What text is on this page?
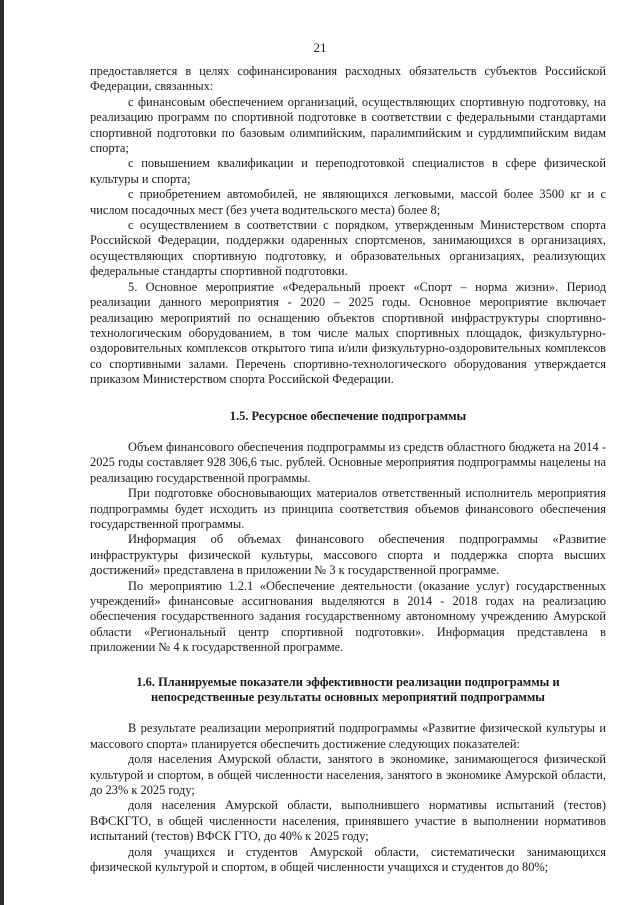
21

предоставляется в целях софинансирования расходных обязательств субъектов Российской Федерации, связанных:

с финансовым обеспечением организаций, осуществляющих спортивную подготовку, на реализацию программ по спортивной подготовке в соответствии с федеральными стандартами спортивной подготовки по базовым олимпийским, паралимпийским и сурдлимпийским видам спорта;

с повышением квалификации и переподготовкой специалистов в сфере физической культуры и спорта;

с приобретением автомобилей, не являющихся легковыми, массой более 3500 кг и с числом посадочных мест (без учета водительского места) более 8;

с осуществлением в соответствии с порядком, утвержденным Министерством спорта Российской Федерации, поддержки одаренных спортсменов, занимающихся в организациях, осуществляющих спортивную подготовку, и образовательных организациях, реализующих федеральные стандарты спортивной подготовки.

5. Основное мероприятие «Федеральный проект «Спорт – норма жизни». Период реализации данного мероприятия - 2020 – 2025 годы. Основное мероприятие включает реализацию мероприятий по оснащению объектов спортивной инфраструктуры спортивно-технологическим оборудованием, в том числе малых спортивных площадок, физкультурно-оздоровительных комплексов открытого типа и/или физкультурно-оздоровительных комплексов со спортивными залами. Перечень спортивно-технологического оборудования утверждается приказом Министерством спорта Российской Федерации.

1.5. Ресурсное обеспечение подпрограммы

Объем финансового обеспечения подпрограммы из средств областного бюджета на 2014 - 2025 годы составляет 928 306,6 тыс. рублей. Основные мероприятия подпрограммы нацелены на реализацию государственной программы.

При подготовке обосновывающих материалов ответственный исполнитель мероприятия подпрограммы будет исходить из принципа соответствия объемов финансового обеспечения государственной программы.

Информация об объемах финансового обеспечения подпрограммы «Развитие инфраструктуры физической культуры, массового спорта и поддержка спорта высших достижений» представлена в приложении № 3 к государственной программе.

По мероприятию 1.2.1 «Обеспечение деятельности (оказание услуг) государственных учреждений» финансовые ассигнования выделяются в 2014 - 2018 годах на реализацию обеспечения государственного задания государственному автономному учреждению Амурской области «Региональный центр спортивной подготовки». Информация представлена в приложении № 4 к государственной программе.

1.6. Планируемые показатели эффективности реализации подпрограммы и
непосредственные результаты основных мероприятий подпрограммы

В результате реализации мероприятий подпрограммы «Развитие физической культуры и массового спорта» планируется обеспечить достижение следующих показателей:

доля населения Амурской области, занятого в экономике, занимающегося физической культурой и спортом, в общей численности населения, занятого в экономике Амурской области, до 23% к 2025 году;

доля населения Амурской области, выполнившего нормативы испытаний (тестов) ВФСКГТО, в общей численности населения, принявшего участие в выполнении нормативов испытаний (тестов) ВФСК ГТО, до 40% к 2025 году;

доля учащихся и студентов Амурской области, систематически занимающихся физической культурой и спортом, в общей численности учащихся и студентов до 80%;
